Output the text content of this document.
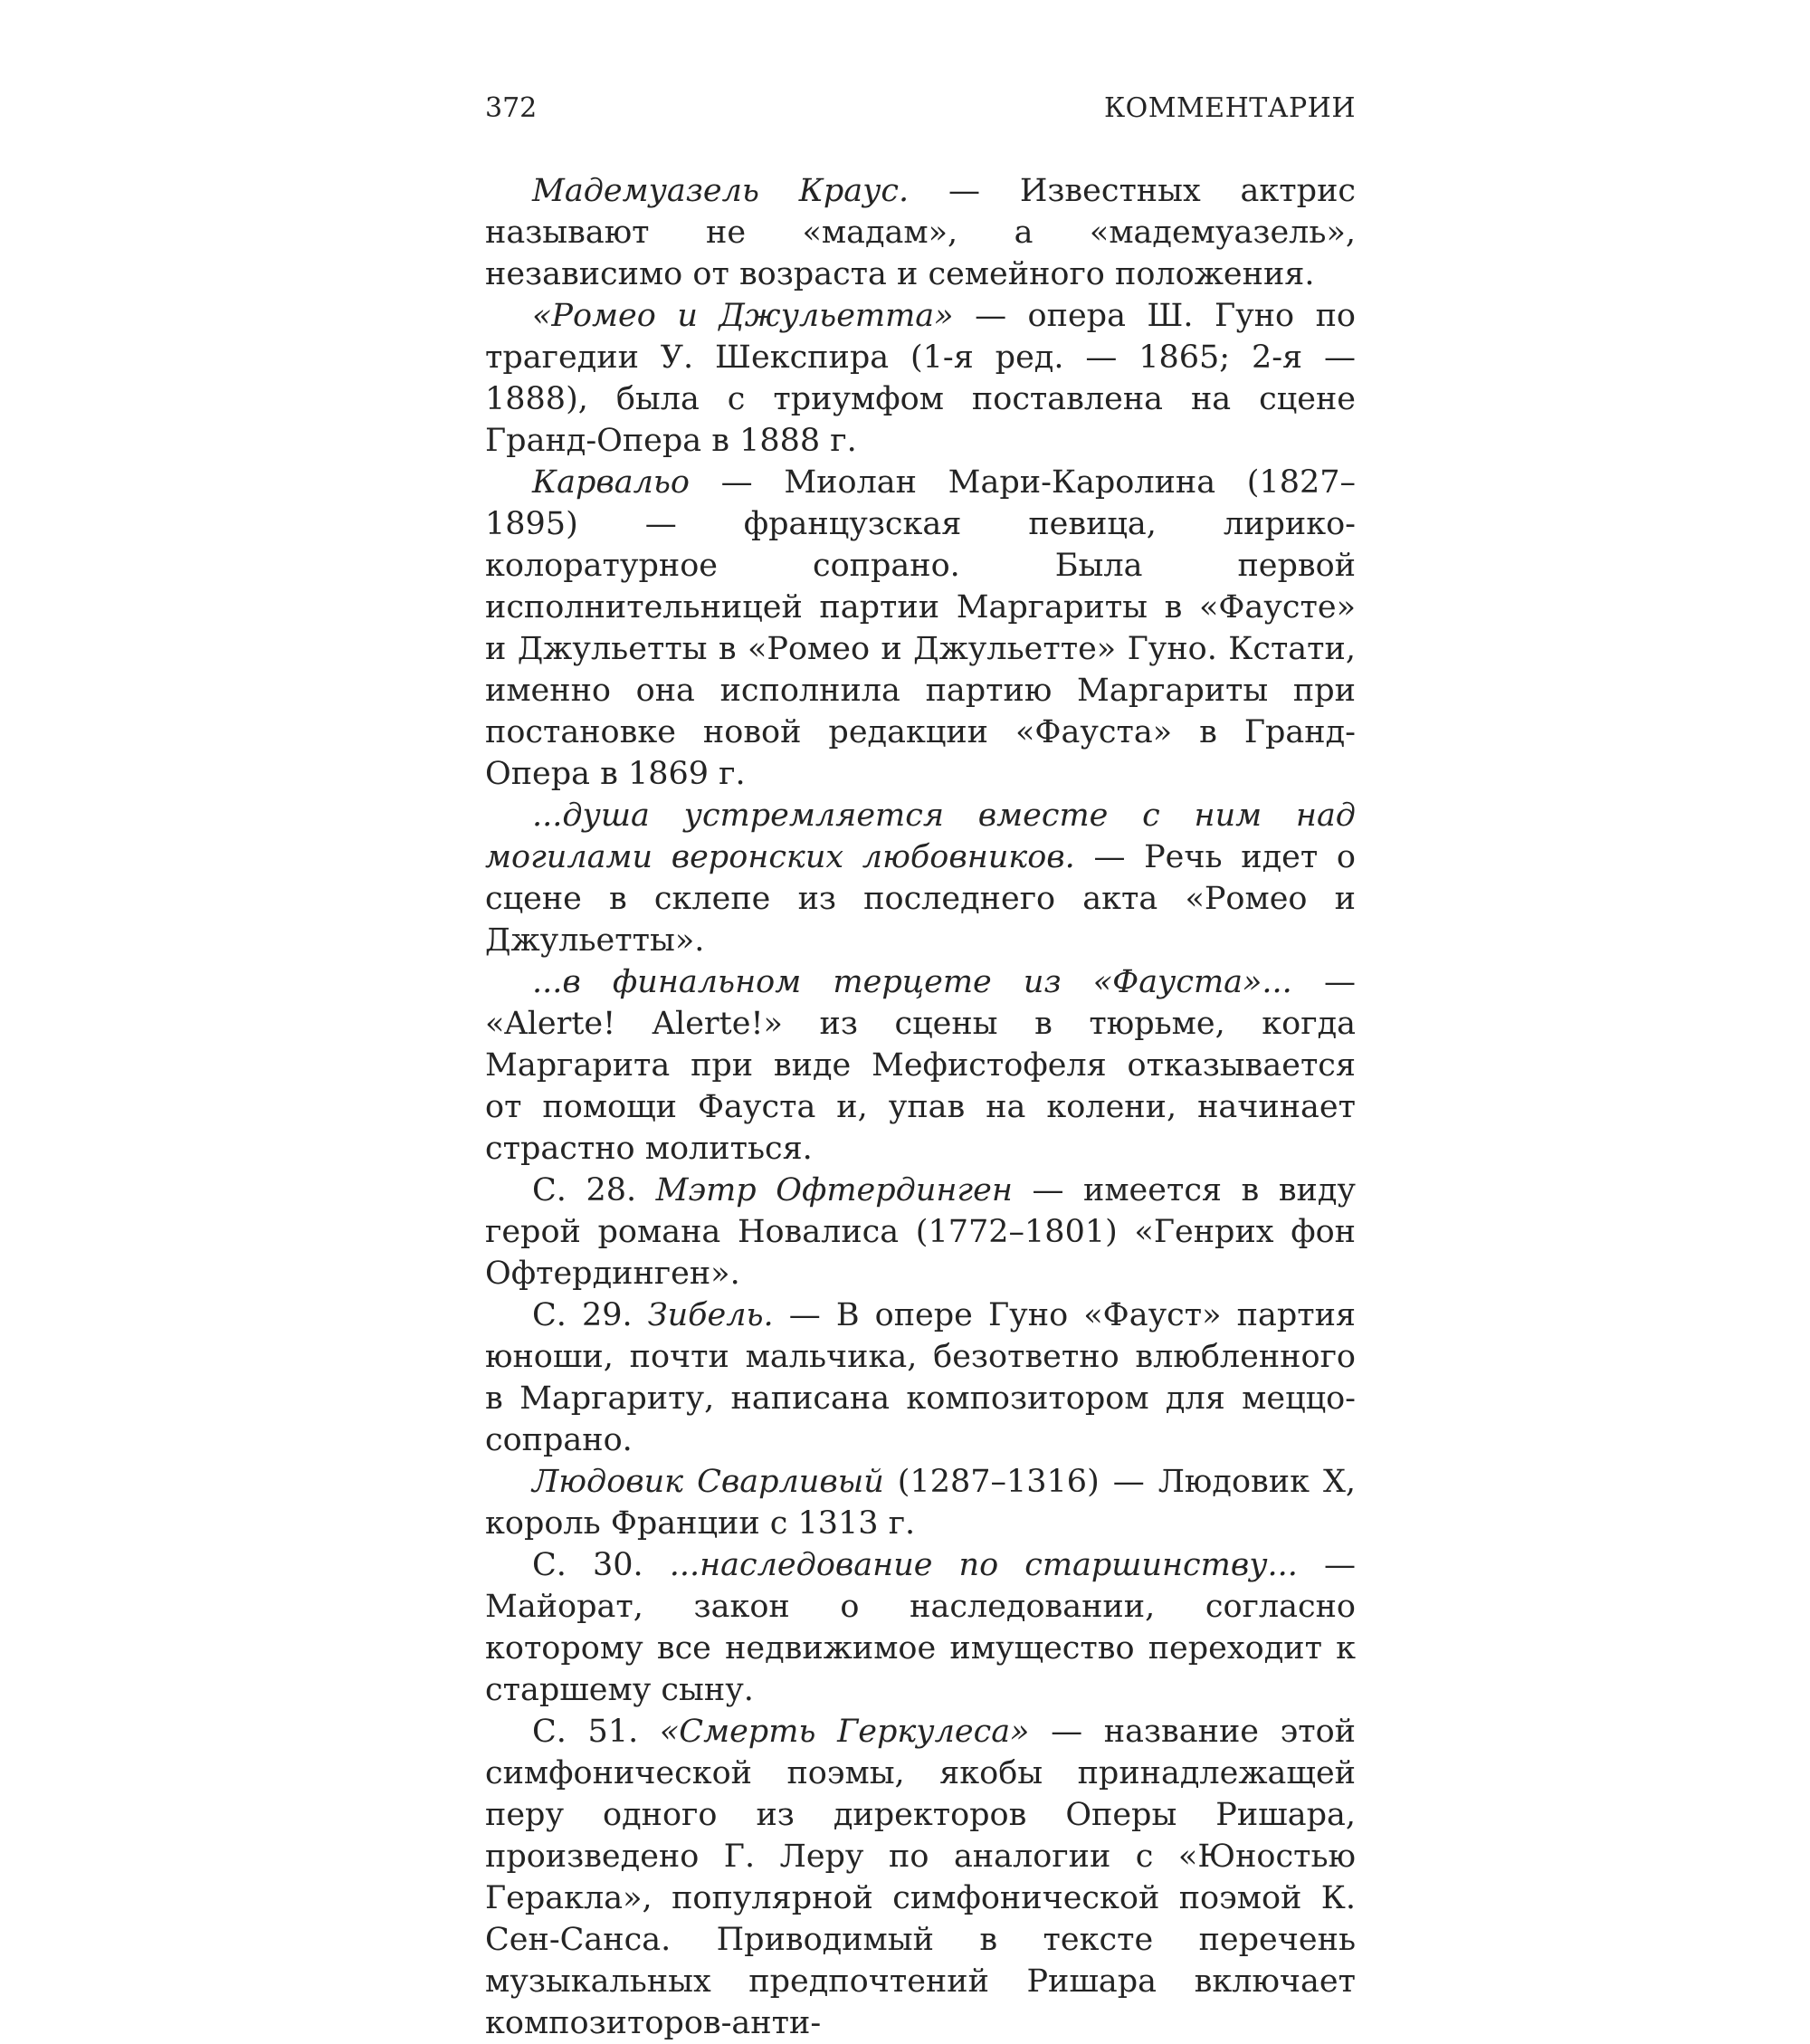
372	КОММЕНТАРИИ

Мадемуазель Краус. — Известных актрис называют не «мадам», а «мадемуазель», независимо от возраста и семейного положения.

«Ромео и Джульетта» — опера Ш. Гуно по трагедии У. Шекспира (1-я ред. — 1865; 2-я — 1888), была с триумфом поставлена на сцене Гранд-Опера в 1888 г.

Карвальо — Миолан Мари-Каролина (1827–1895) — французская певица, лирико-колоратурное сопрано. Была первой исполнительницей партии Маргариты в «Фаусте» и Джульетты в «Ромео и Джульетте» Гуно. Кстати, именно она исполнила партию Маргариты при постановке новой редакции «Фауста» в Гранд-Опера в 1869 г.

...душа устремляется вместе с ним над могилами веронских любовников. — Речь идет о сцене в склепе из последнего акта «Ромео и Джульетты».

...в финальном терцете из «Фауста»... — «Alerte! Alerte!» из сцены в тюрьме, когда Маргарита при виде Мефистофеля отказывается от помощи Фауста и, упав на колени, начинает страстно молиться.

С. 28. Мэтр Офтердинген — имеется в виду герой романа Новалиса (1772–1801) «Генрих фон Офтердинген».

С. 29. Зибель. — В опере Гуно «Фауст» партия юноши, почти мальчика, безответно влюбленного в Маргариту, написана композитором для меццо-сопрано.

Людовик Сварливый (1287–1316) — Людовик X, король Франции с 1313 г.

С. 30. ...наследование по старшинству... — Майорат, закон о наследовании, согласно которому все недвижимое имущество переходит к старшему сыну.

С. 51. «Смерть Геркулеса» — название этой симфонической поэмы, якобы принадлежащей перу одного из директоров Оперы Ришара, произведено Г. Леру по аналогии с «Юностью Геракла», популярной симфонической поэмой К. Сен-Санса. Приводимый в тексте перечень музыкальных предпочтений Ришара включает композиторов-анти-
